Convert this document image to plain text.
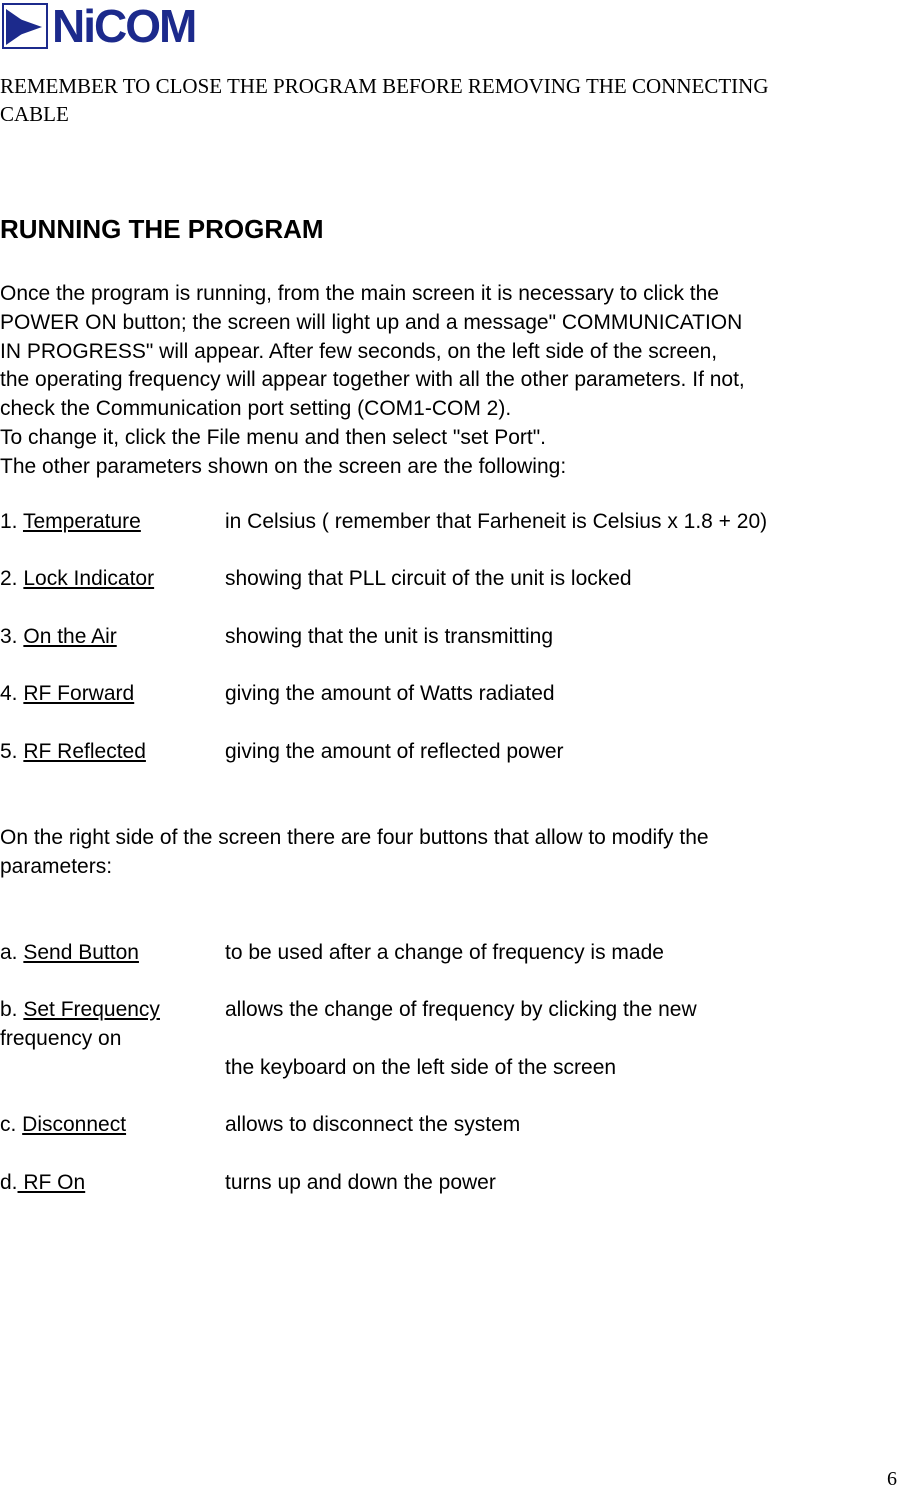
NiCOM
REMEMBER TO CLOSE THE PROGRAM BEFORE REMOVING THE CONNECTING CABLE
RUNNING THE PROGRAM
Once the program is running, from the main screen it is necessary to click the
POWER ON button; the screen will light up and a message" COMMUNICATION
IN PROGRESS" will appear. After few seconds, on the left side of the screen,
the operating frequency will appear together with all the other parameters. If not,
check the Communication port setting (COM1-COM 2).
To change it, click the File menu and then select "set Port".
The other parameters shown on the screen are the following:
1. Temperature	in Celsius ( remember that Farheneit is Celsius x 1.8 + 20)
2. Lock Indicator	showing that PLL circuit of the unit is locked
3. On the Air	showing that the unit is transmitting
4. RF Forward	giving the amount of Watts radiated
5. RF Reflected	giving the amount of reflected power
On the right side of the screen there are four buttons that allow to modify the
parameters:
a. Send Button	to be used after a change of frequency is made
b. Set Frequency	allows the change of frequency by clicking the new
frequency on
the keyboard on the left side of the screen
c. Disconnect	allows to disconnect the system
d. RF On	turns up and down the power
6
